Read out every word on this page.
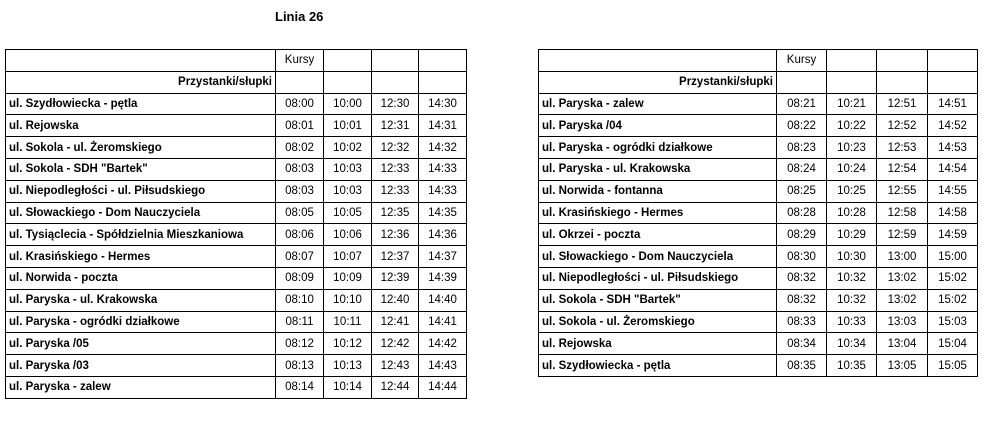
Linia 26
	Kursy			
Przystanki/słupki				
ul. Szydłowiecka - pętla	08:00	10:00	12:30	14:30
ul. Rejowska	08:01	10:01	12:31	14:31
ul. Sokola - ul. Żeromskiego	08:02	10:02	12:32	14:32
ul. Sokola - SDH "Bartek"	08:03	10:03	12:33	14:33
ul. Niepodległości - ul. Piłsudskiego	08:03	10:03	12:33	14:33
ul. Słowackiego - Dom Nauczyciela	08:05	10:05	12:35	14:35
ul. Tysiąclecia - Spółdzielnia Mieszkaniowa	08:06	10:06	12:36	14:36
ul. Krasińskiego - Hermes	08:07	10:07	12:37	14:37
ul. Norwida - poczta	08:09	10:09	12:39	14:39
ul. Paryska - ul. Krakowska	08:10	10:10	12:40	14:40
ul. Paryska - ogródki działkowe	08:11	10:11	12:41	14:41
ul. Paryska /05	08:12	10:12	12:42	14:42
ul. Paryska /03	08:13	10:13	12:43	14:43
ul. Paryska - zalew	08:14	10:14	12:44	14:44
	Kursy			
Przystanki/słupki				
ul. Paryska - zalew	08:21	10:21	12:51	14:51
ul. Paryska /04	08:22	10:22	12:52	14:52
ul. Paryska - ogródki działkowe	08:23	10:23	12:53	14:53
ul. Paryska - ul. Krakowska	08:24	10:24	12:54	14:54
ul. Norwida - fontanna	08:25	10:25	12:55	14:55
ul. Krasińskiego - Hermes	08:28	10:28	12:58	14:58
ul. Okrzei - poczta	08:29	10:29	12:59	14:59
ul. Słowackiego - Dom Nauczyciela	08:30	10:30	13:00	15:00
ul. Niepodległości - ul. Piłsudskiego	08:32	10:32	13:02	15:02
ul. Sokola - SDH "Bartek"	08:32	10:32	13:02	15:02
ul. Sokola - ul. Żeromskiego	08:33	10:33	13:03	15:03
ul. Rejowska	08:34	10:34	13:04	15:04
ul. Szydłowiecka - pętla	08:35	10:35	13:05	15:05
